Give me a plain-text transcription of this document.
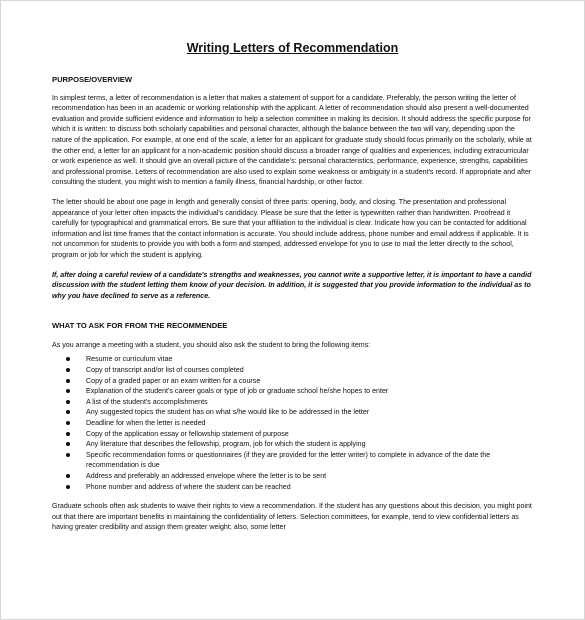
Writing Letters of Recommendation
PURPOSE/OVERVIEW

In simplest terms, a letter of recommendation is a letter that makes a statement of support for a candidate. Preferably, the person writing the letter of recommendation has been in an academic or working relationship with the applicant. A letter of recommendation should also present a well-documented evaluation and provide sufficient evidence and information to help a selection committee in making its decision. It should address the specific purpose for which it is written: to discuss both scholarly capabilities and personal character, although the balance between the two will vary, depending upon the nature of the application. For example, at one end of the scale, a letter for an applicant for graduate study should focus primarily on the scholarly, while at the other end, a letter for an applicant for a non-academic position should discuss a broader range of qualities and experiences, including extracurricular or work experience as well. It should give an overall picture of the candidate's: personal characteristics, performance, experience, strengths, capabilities and professional promise. Letters of recommendation are also used to explain some weakness or ambiguity in a student's record. If appropriate and after consulting the student, you might wish to mention a family illness, financial hardship, or other factor.

The letter should be about one page in length and generally consist of three parts: opening, body, and closing. The presentation and professional appearance of your letter often impacts the individual's candidacy. Please be sure that the letter is typewritten rather than handwritten. Proofread it carefully for typographical and grammatical errors. Be sure that your affiliation to the individual is clear. Indicate how you can be contacted for additional information and list time frames that the contact information is accurate. You should include address, phone number and email address if applicable. It is not uncommon for students to provide you with both a form and stamped, addressed envelope for you to use to mail the letter directly to the school, program or job for which the student is applying.

If, after doing a careful review of a candidate's strengths and weaknesses, you cannot write a supportive letter, it is important to have a candid discussion with the student letting them know of your decision. In addition, it is suggested that you provide information to the individual as to why you have declined to serve as a reference.

WHAT TO ASK FOR FROM THE RECOMMENDEE

As you arrange a meeting with a student, you should also ask the student to bring the following items:

Resume or curriculum vitae
Copy of transcript and/or list of courses completed
Copy of a graded paper or an exam written for a course
Explanation of the student's career goals or type of job or graduate school he/she hopes to enter
A list of the student's accomplishments
Any suggested topics the student has on what s/he would like to be addressed in the letter
Deadline for when the letter is needed
Copy of the application essay or fellowship statement of purpose
Any literature that describes the fellowship, program, job for which the student is applying
Specific recommendation forms or questionnaires (if they are provided for the letter writer) to complete in advance of the date the recommendation is due
Address and preferably an addressed envelope where the letter is to be sent
Phone number and address of where the student can be reached

Graduate schools often ask students to waive their rights to view a recommendation. If the student has any questions about this decision, you might point out that there are important benefits in maintaining the confidentiality of letters. Selection committees, for example, tend to view confidential letters as having greater credibility and assign them greater weight; also, some letter
